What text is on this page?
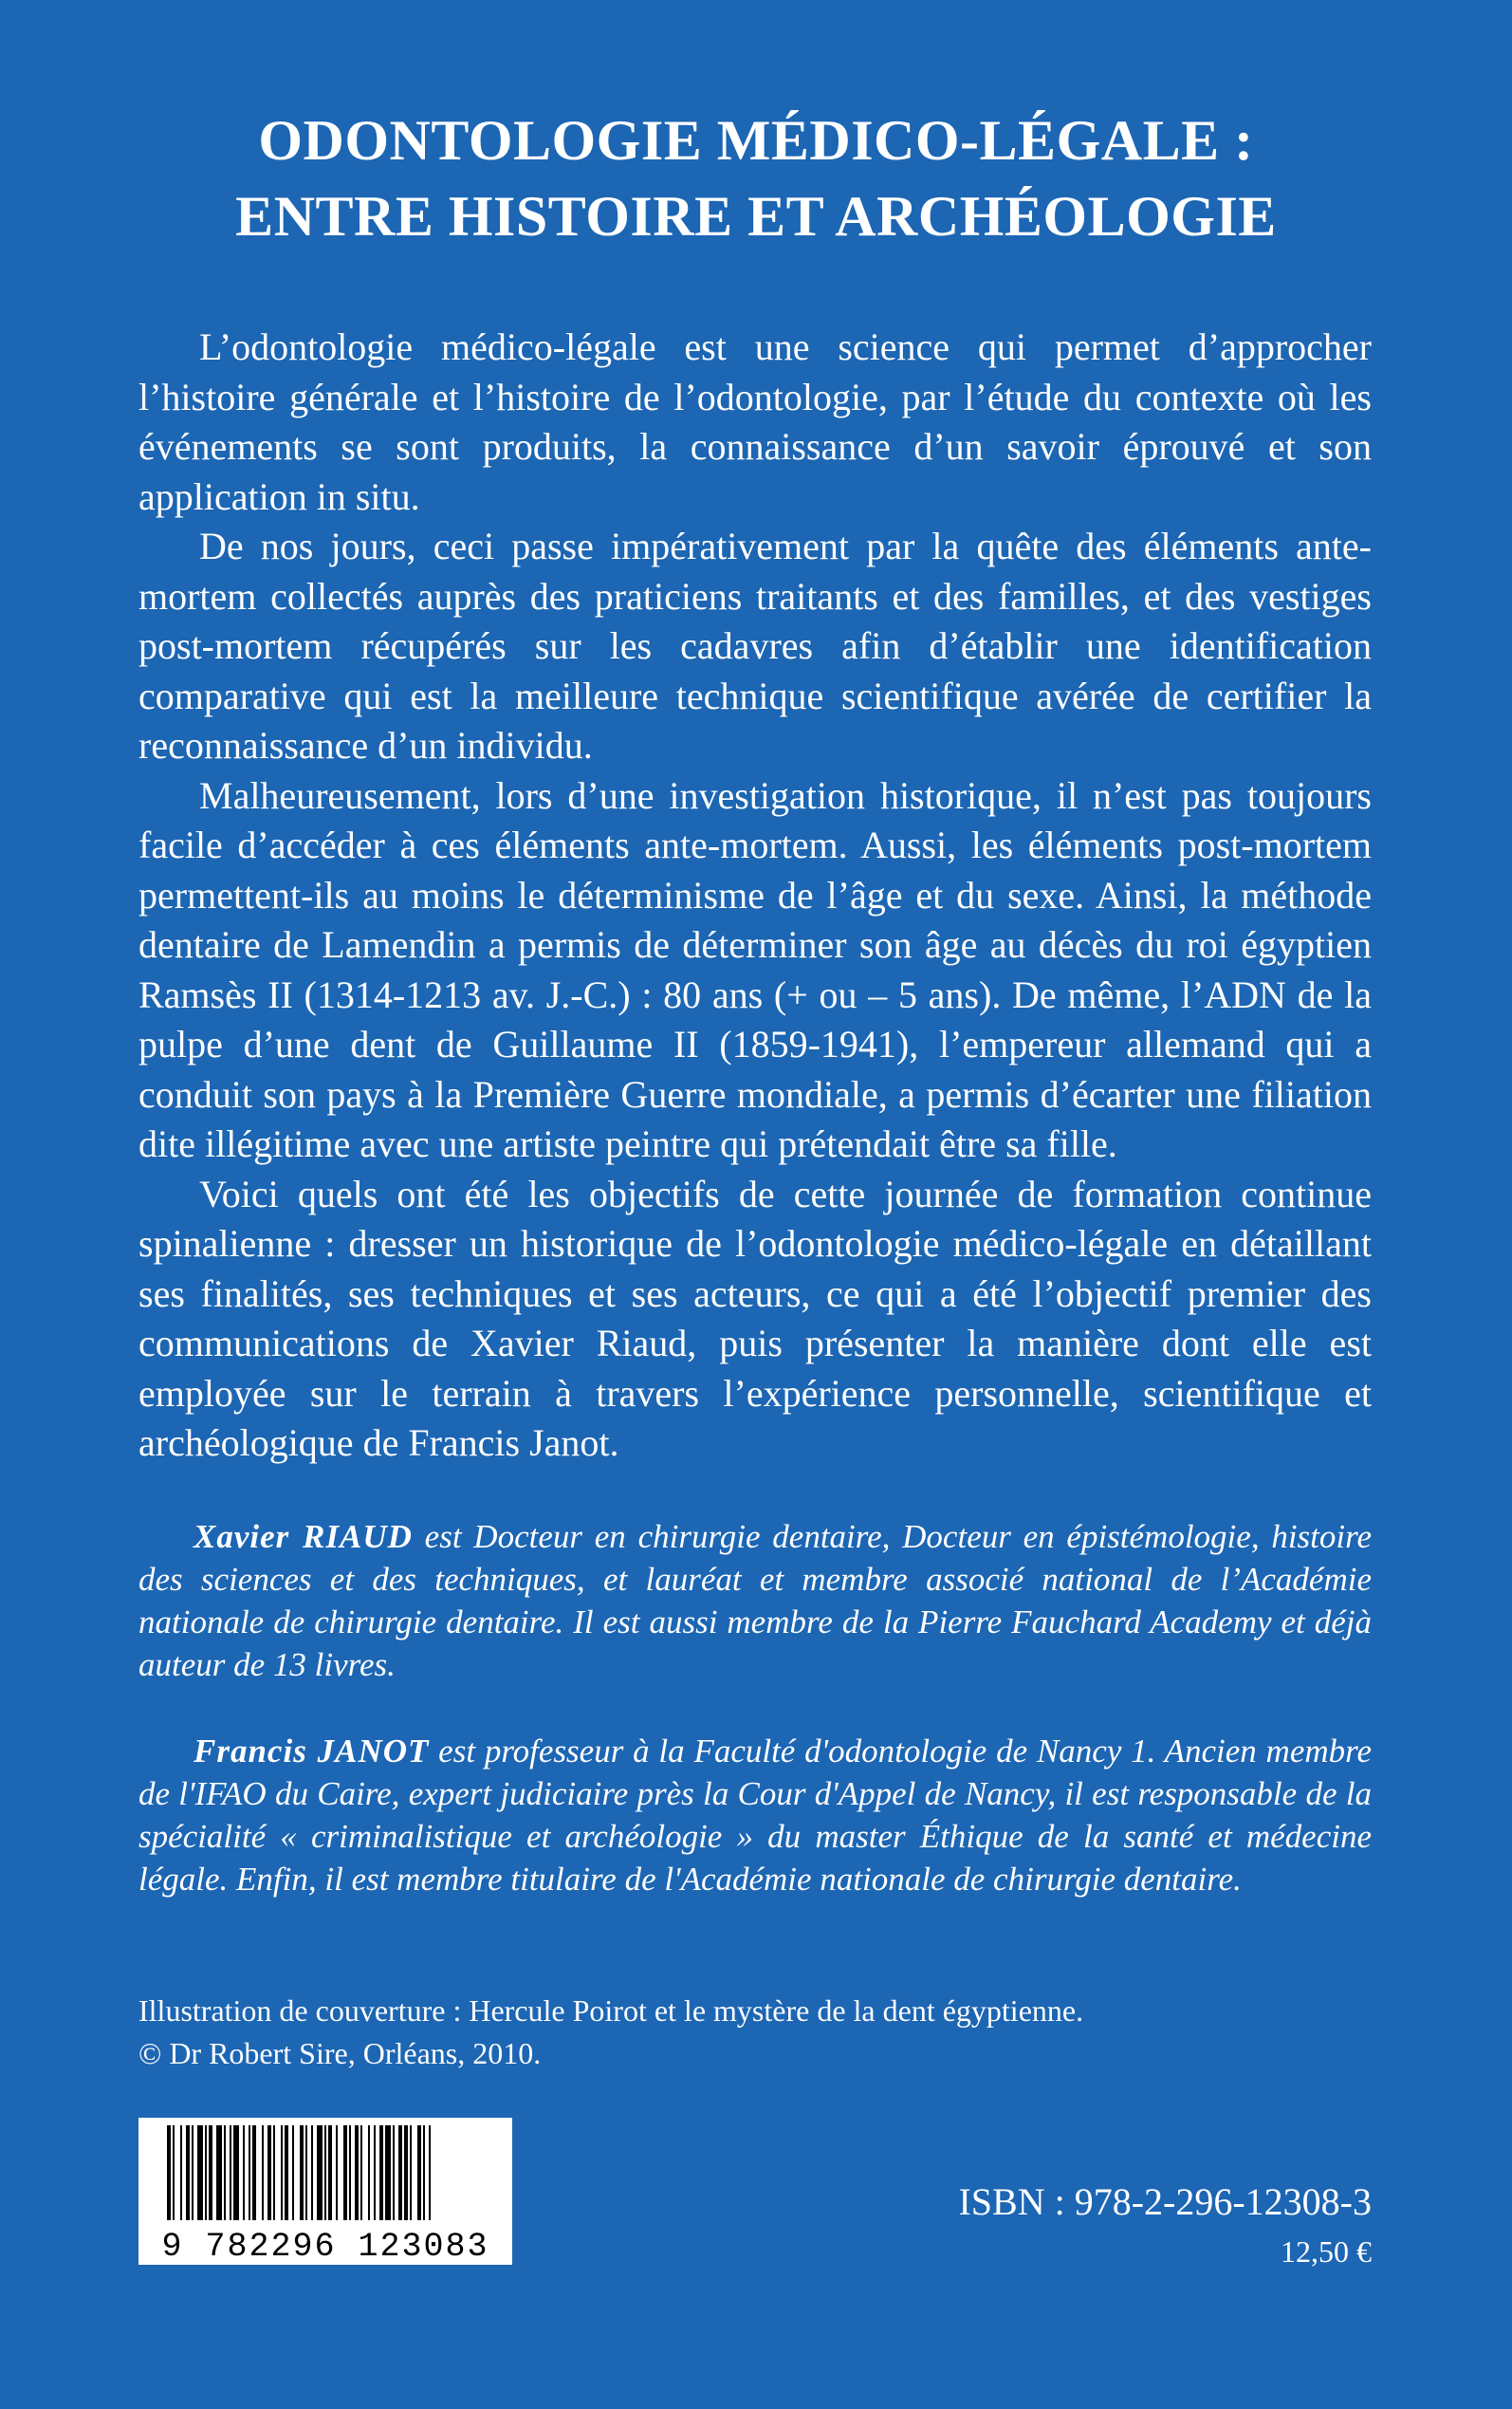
ODONTOLOGIE MÉDICO-LÉGALE :
ENTRE HISTOIRE ET ARCHÉOLOGIE

L’odontologie médico-légale est une science qui permet d’approcher l’histoire générale et l’histoire de l’odontologie, par l’étude du contexte où les événements se sont produits, la connaissance d’un savoir éprouvé et son application in situ.

De nos jours, ceci passe impérativement par la quête des éléments ante-mortem collectés auprès des praticiens traitants et des familles, et des vestiges post-mortem récupérés sur les cadavres afin d’établir une identification comparative qui est la meilleure technique scientifique avérée de certifier la reconnaissance d’un individu.

Malheureusement, lors d’une investigation historique, il n’est pas toujours facile d’accéder à ces éléments ante-mortem. Aussi, les éléments post-mortem permettent-ils au moins le déterminisme de l’âge et du sexe. Ainsi, la méthode dentaire de Lamendin a permis de déterminer son âge au décès du roi égyptien Ramsès II (1314-1213 av. J.-C.) : 80 ans (+ ou – 5 ans). De même, l’ADN de la pulpe d’une dent de Guillaume II (1859-1941), l’empereur allemand qui a conduit son pays à la Première Guerre mondiale, a permis d’écarter une filiation dite illégitime avec une artiste peintre qui prétendait être sa fille.

Voici quels ont été les objectifs de cette journée de formation continue spinalienne : dresser un historique de l’odontologie médico-légale en détaillant ses finalités, ses techniques et ses acteurs, ce qui a été l’objectif premier des communications de Xavier Riaud, puis présenter la manière dont elle est employée sur le terrain à travers l’expérience personnelle, scientifique et archéologique de Francis Janot.

Xavier RIAUD est Docteur en chirurgie dentaire, Docteur en épistémologie, histoire des sciences et des techniques, et lauréat et membre associé national de l’Académie nationale de chirurgie dentaire. Il est aussi membre de la Pierre Fauchard Academy et déjà auteur de 13 livres.

Francis JANOT est professeur à la Faculté d'odontologie de Nancy 1. Ancien membre de l'IFAO du Caire, expert judiciaire près la Cour d'Appel de Nancy, il est responsable de la spécialité « criminalistique et archéologie » du master Éthique de la santé et médecine légale. Enfin, il est membre titulaire de l'Académie nationale de chirurgie dentaire.

Illustration de couverture : Hercule Poirot et le mystère de la dent égyptienne.
© Dr Robert Sire, Orléans, 2010.
9 782296 123083
ISBN : 978-2-296-12308-3
12,50 €
